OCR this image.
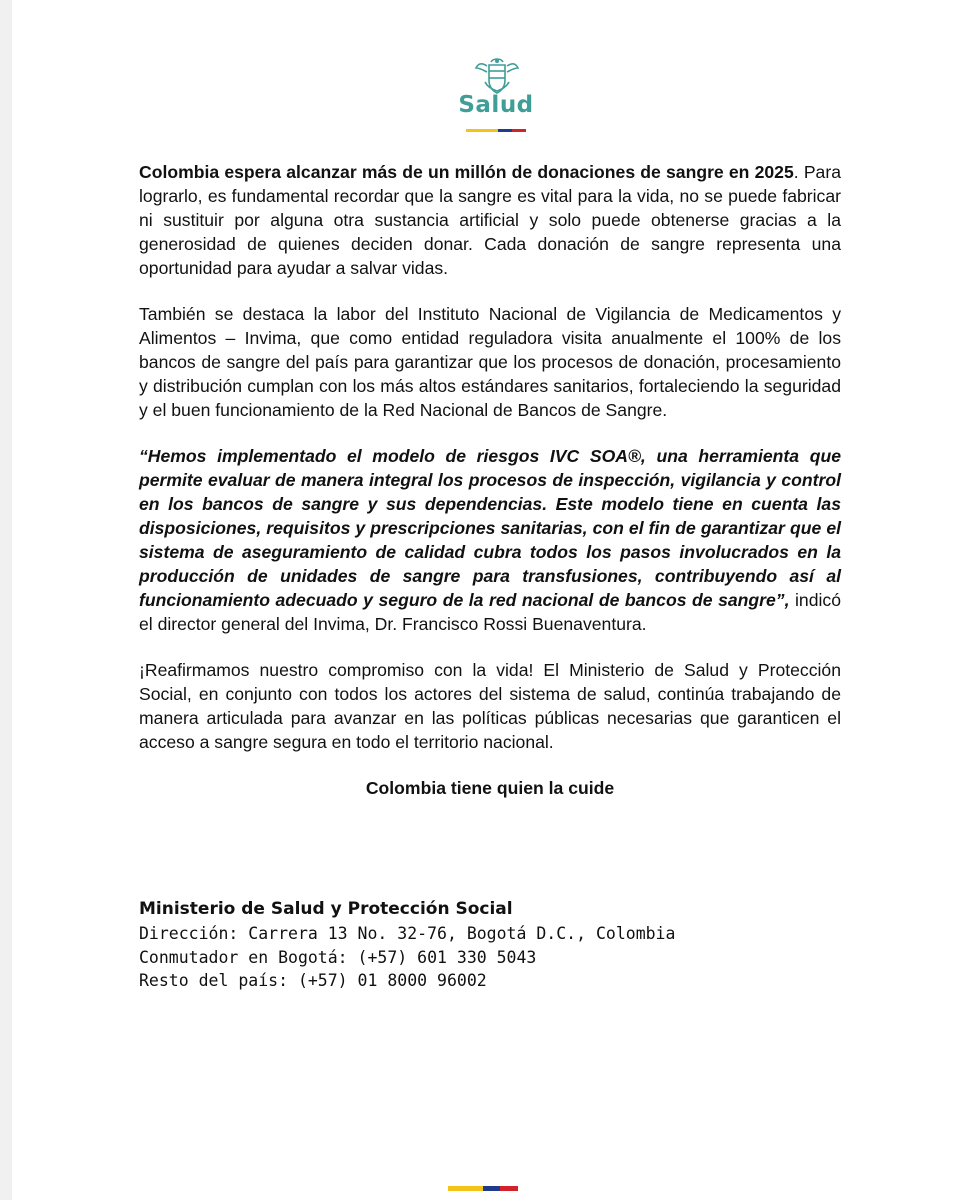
Salud

Colombia espera alcanzar más de un millón de donaciones de sangre en 2025. Para lograrlo, es fundamental recordar que la sangre es vital para la vida, no se puede fabricar ni sustituir por alguna otra sustancia artificial y solo puede obtenerse gracias a la generosidad de quienes deciden donar. Cada donación de sangre representa una oportunidad para ayudar a salvar vidas.

También se destaca la labor del Instituto Nacional de Vigilancia de Medicamentos y Alimentos – Invima, que como entidad reguladora visita anualmente el 100% de los bancos de sangre del país para garantizar que los procesos de donación, procesamiento y distribución cumplan con los más altos estándares sanitarios, fortaleciendo la seguridad y el buen funcionamiento de la Red Nacional de Bancos de Sangre.

“Hemos implementado el modelo de riesgos IVC SOA®, una herramienta que permite evaluar de manera integral los procesos de inspección, vigilancia y control en los bancos de sangre y sus dependencias. Este modelo tiene en cuenta las disposiciones, requisitos y prescripciones sanitarias, con el fin de garantizar que el sistema de aseguramiento de calidad cubra todos los pasos involucrados en la producción de unidades de sangre para transfusiones, contribuyendo así al funcionamiento adecuado y seguro de la red nacional de bancos de sangre”, indicó el director general del Invima, Dr. Francisco Rossi Buenaventura.

¡Reafirmamos nuestro compromiso con la vida! El Ministerio de Salud y Protección Social, en conjunto con todos los actores del sistema de salud, continúa trabajando de manera articulada para avanzar en las políticas públicas necesarias que garanticen el acceso a sangre segura en todo el territorio nacional.

Colombia tiene quien la cuide

Ministerio de Salud y Protección Social
Dirección: Carrera 13 No. 32-76, Bogotá D.C., Colombia
Conmutador en Bogotá: (+57) 601 330 5043
Resto del país: (+57) 01 8000 96002
